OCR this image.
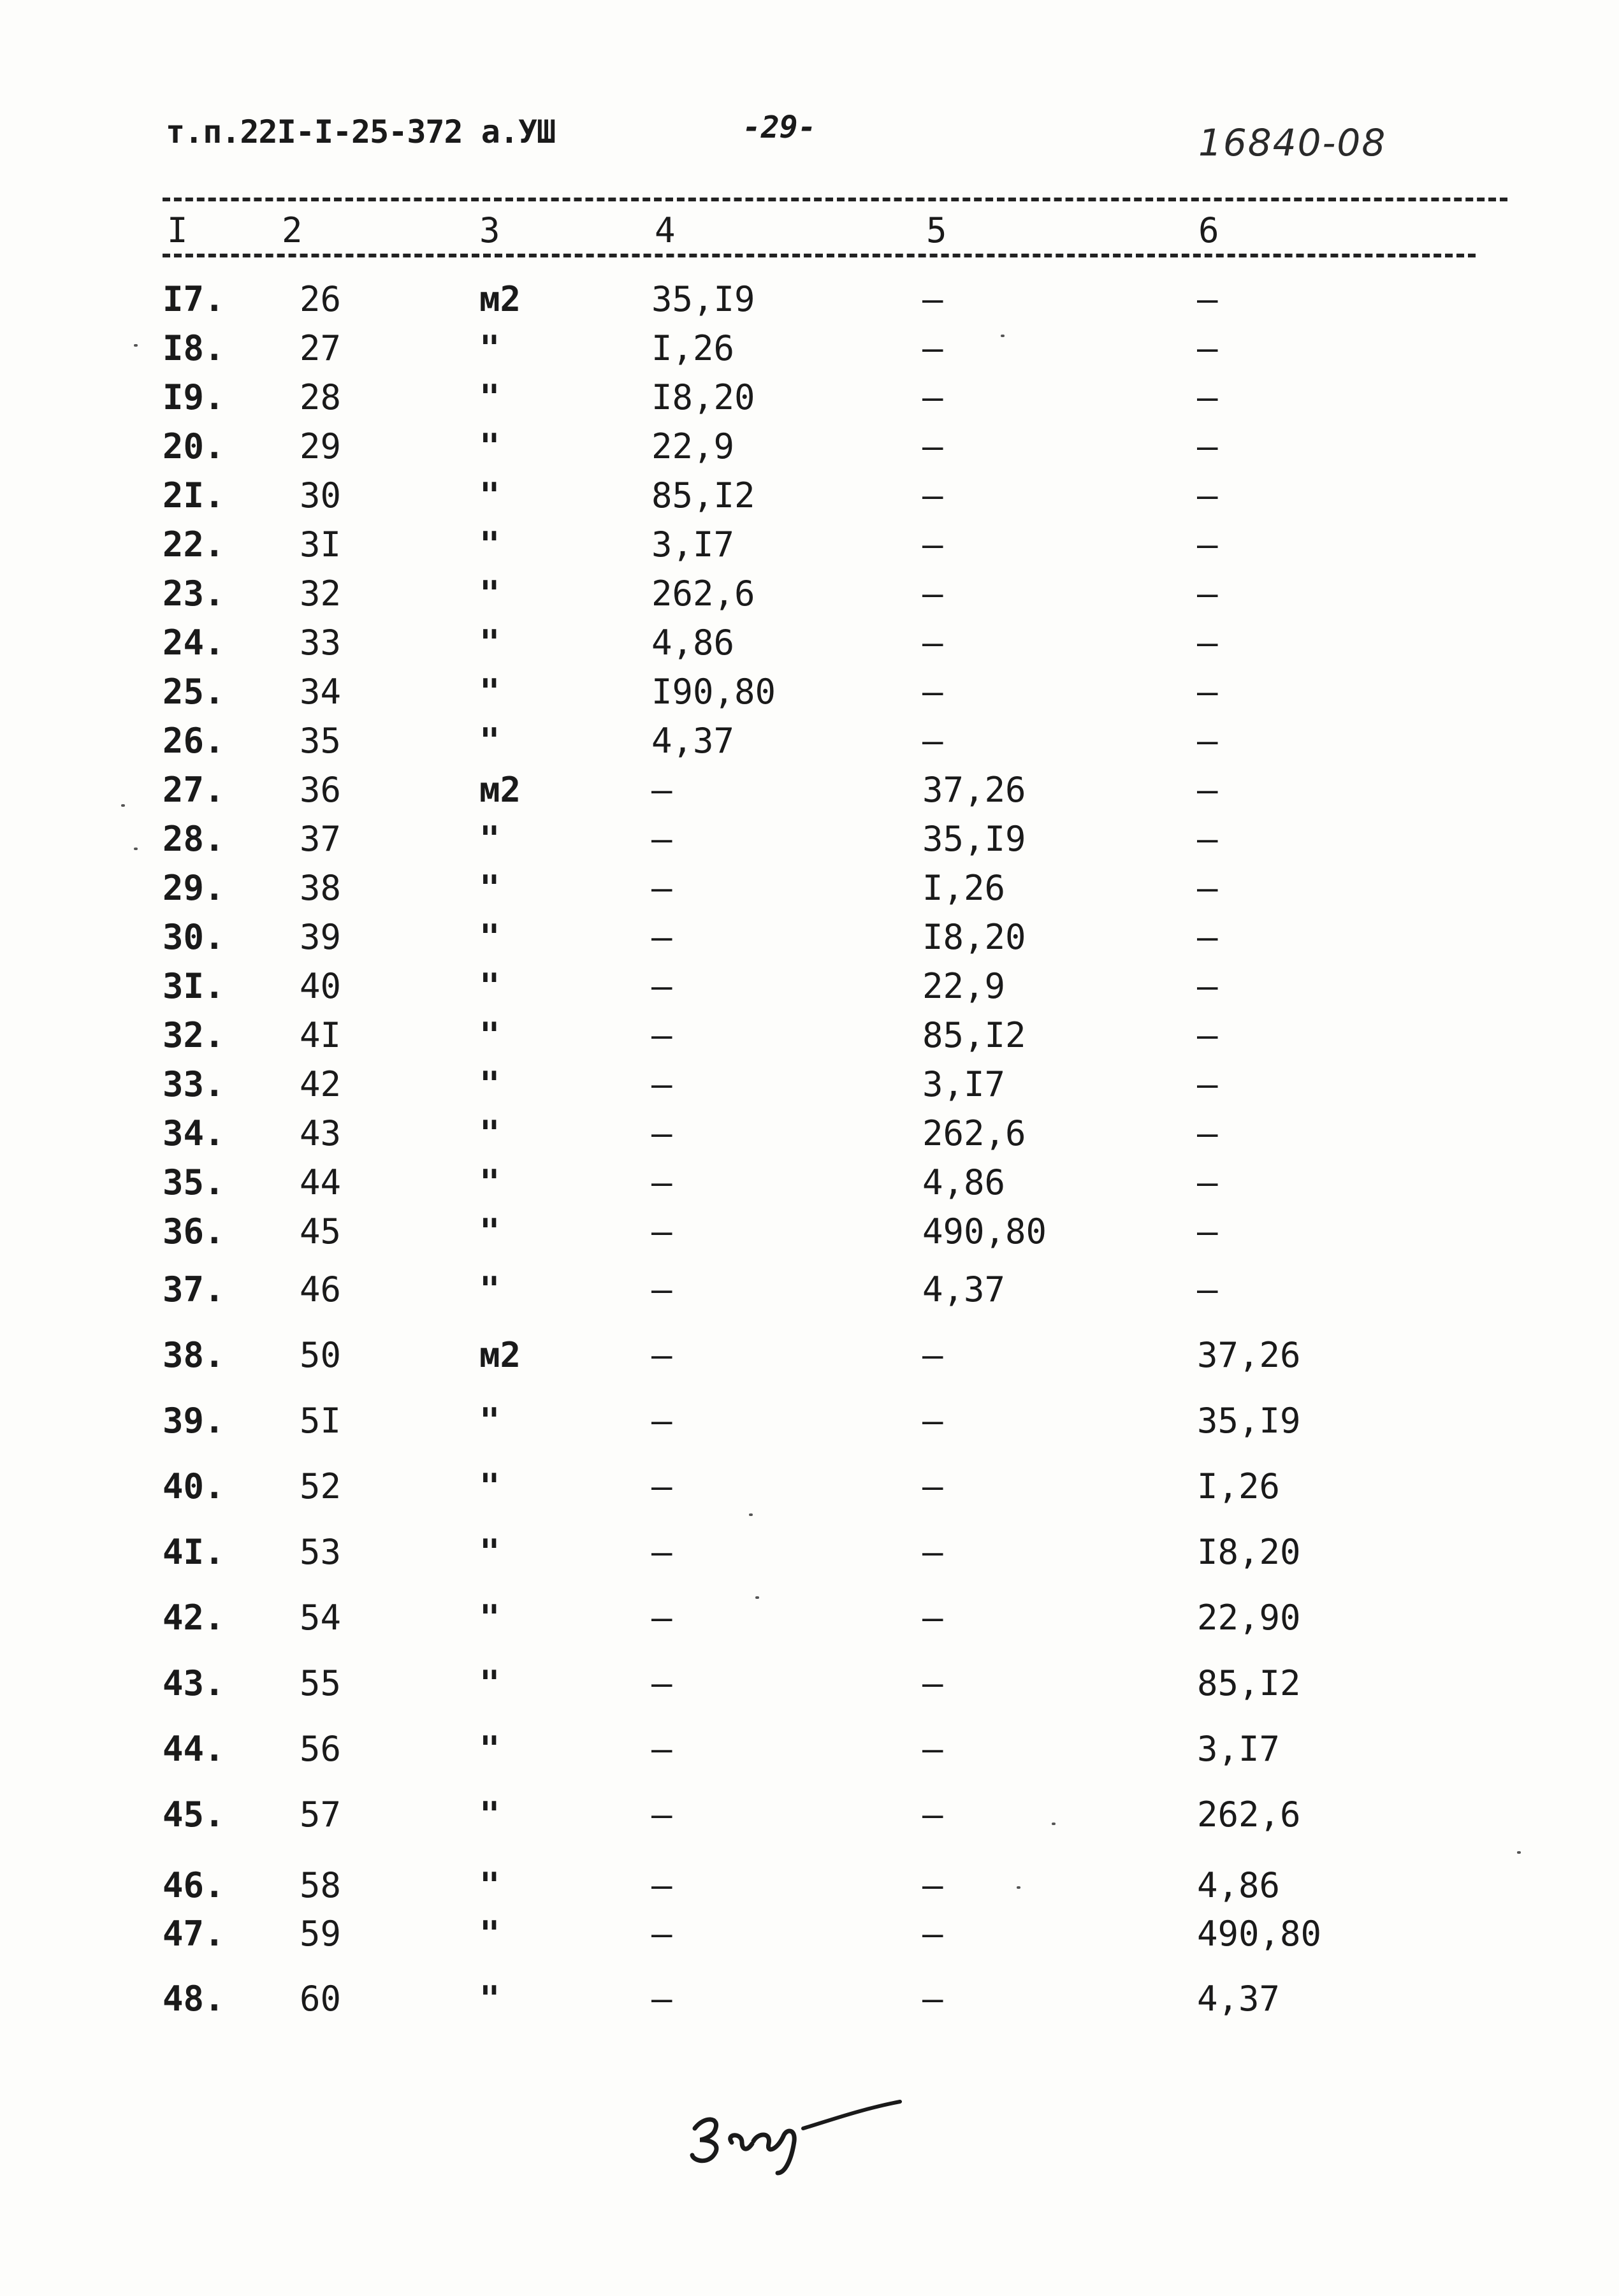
т.п.22I-I-25-372 а.УШ	-29-	16840-08
I	2	3	4	5	6
I7. 26	м2	35,I9	–	–
I8. 27	"	I,26	–	–
I9. 28	"	I8,20	–	–
20. 29	"	22,9	–	–
2I. 30	"	85,I2	–	–
22. 3I	"	3,I7	–	–
23. 32	"	262,6	–	–
24. 33	"	4,86	–	–
25. 34	"	I90,80	–	–
26. 35	"	4,37	–	–
27. 36	м2	–	37,26	–
28. 37	"	–	35,I9	–
29. 38	"	–	I,26	–
30. 39	"	–	I8,20	–
3I. 40	"	–	22,9	–
32. 4I	"	–	85,I2	–
33. 42	"	–	3,I7	–
34. 43	"	–	262,6	–
35. 44	"	–	4,86	–
36. 45	"	–	490,80	–
37. 46	"	–	4,37	–
38. 50	м2	–	–	37,26
39. 5I	"	–	–	35,I9
40. 52	"	–	–	I,26
4I. 53	"	–	–	I8,20
42. 54	"	–	–	22,90
43. 55	"	–	–	85,I2
44. 56	"	–	–	3,I7
45. 57	"	–	–	262,6
46. 58	"	–	–	4,86
47. 59	"	–	–	490,80
48. 60	"	–	–	4,37
